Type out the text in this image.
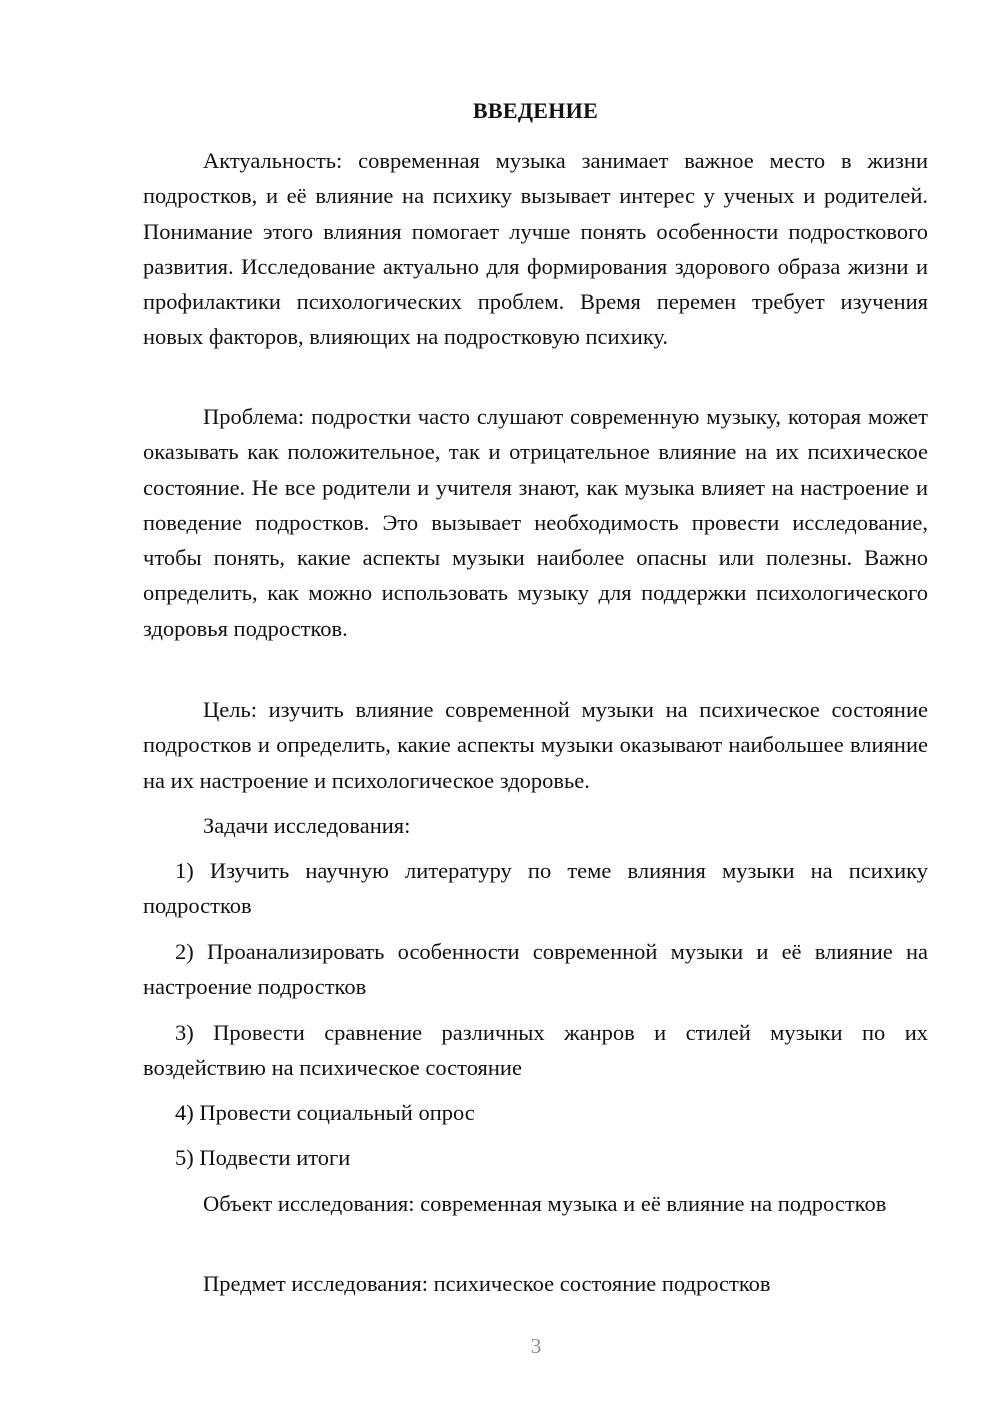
ВВЕДЕНИЕ

Актуальность: современная музыка занимает важное место в жизни подростков, и её влияние на психику вызывает интерес у ученых и родителей. Понимание этого влияния помогает лучше понять особенности подросткового развития. Исследование актуально для формирования здорового образа жизни и профилактики психологических проблем. Время перемен требует изучения новых факторов, влияющих на подростковую психику.

Проблема: подростки часто слушают современную музыку, которая может оказывать как положительное, так и отрицательное влияние на их психическое состояние. Не все родители и учителя знают, как музыка влияет на настроение и поведение подростков. Это вызывает необходимость провести исследование, чтобы понять, какие аспекты музыки наиболее опасны или полезны. Важно определить, как можно использовать музыку для поддержки психологического здоровья подростков.

Цель: изучить влияние современной музыки на психическое состояние подростков и определить, какие аспекты музыки оказывают наибольшее влияние на их настроение и психологическое здоровье.

Задачи исследования:

1) Изучить научную литературу по теме влияния музыки на психику подростков

2) Проанализировать особенности современной музыки и её влияние на настроение подростков

3) Провести сравнение различных жанров и стилей музыки по их воздействию на психическое состояние

4) Провести социальный опрос

5) Подвести итоги

Объект исследования: современная музыка и её влияние на подростков

Предмет исследования: психическое состояние подростков

3
